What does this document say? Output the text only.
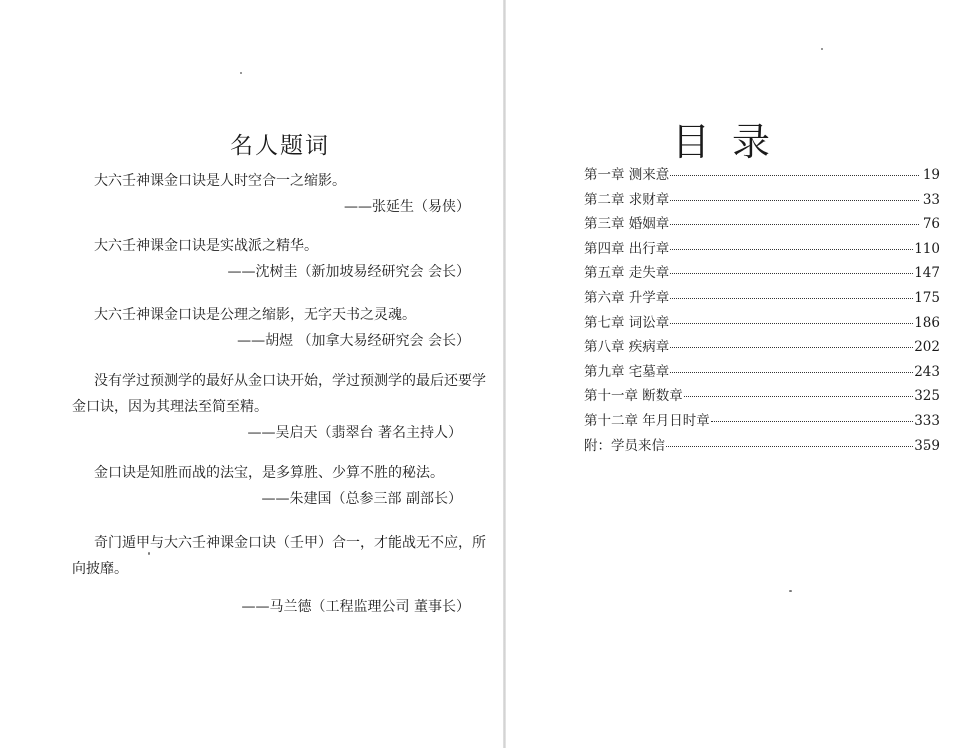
名人题词

大六壬神课金口诀是人时空合一之缩影。

——张延生（易侠）

大六壬神课金口诀是实战派之精华。

——沈树圭（新加坡易经研究会 会长）

大六壬神课金口诀是公理之缩影，无字天书之灵魂。

——胡煜 （加拿大易经研究会 会长）

没有学过预测学的最好从金口诀开始，学过预测学的最后还要学金口诀，因为其理法至简至精。

——吴启天（翡翠台 著名主持人）

金口诀是知胜而战的法宝，是多算胜、少算不胜的秘法。

——朱建国（总参三部 副部长）

奇门遁甲与大六壬神课金口诀（壬甲）合一，才能战无不应，所向披靡。

——马兰德（工程监理公司 董事长）

目录
第一章 测来意	19
第二章 求财章	33
第三章 婚姻章	76
第四章 出行章	110
第五章 走失章	147
第六章 升学章	175
第七章 词讼章	186
第八章 疾病章	202
第九章 宅墓章	243
第十一章 断数章	325
第十二章 年月日时章	333
附：学员来信	359
